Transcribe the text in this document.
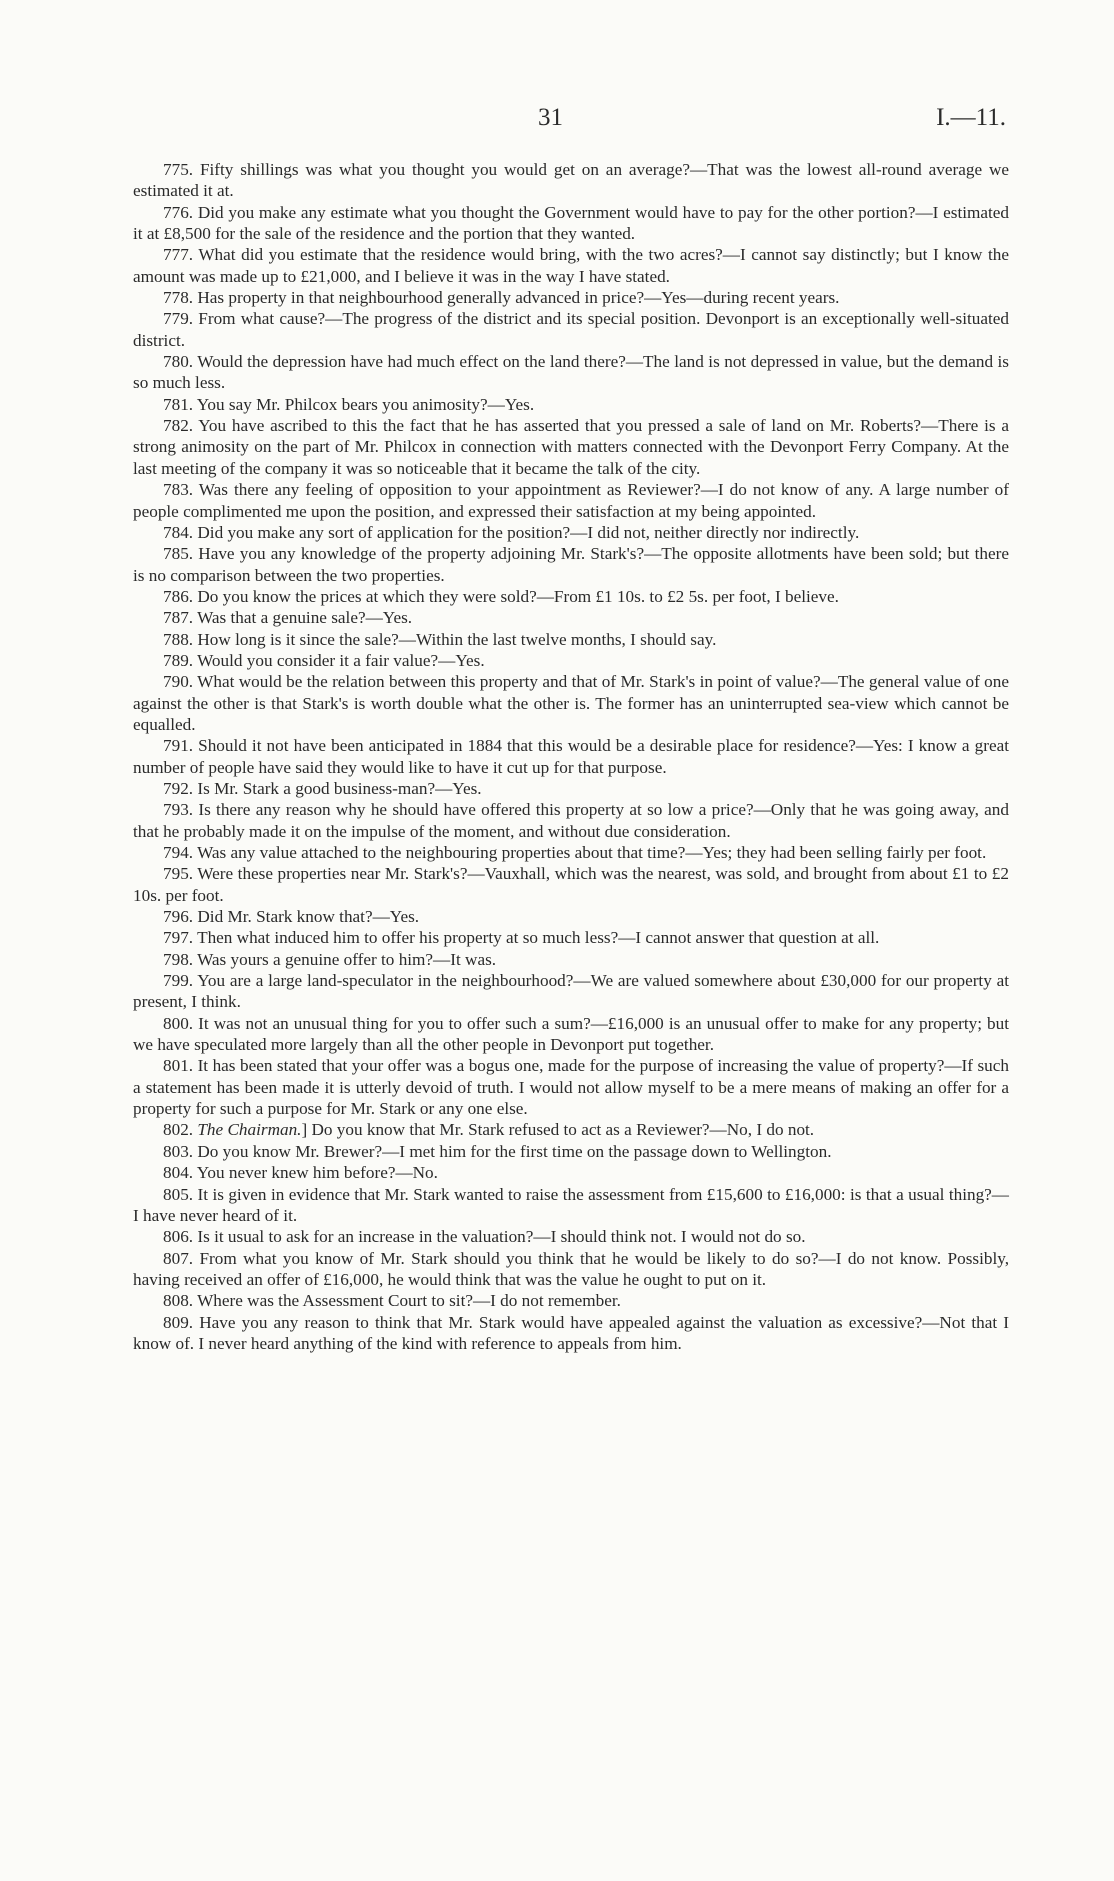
31	I.—11.

775. Fifty shillings was what you thought you would get on an average?—That was the lowest all-round average we estimated it at.

776. Did you make any estimate what you thought the Government would have to pay for the other portion?—I estimated it at £8,500 for the sale of the residence and the portion that they wanted.

777. What did you estimate that the residence would bring, with the two acres?—I cannot say distinctly; but I know the amount was made up to £21,000, and I believe it was in the way I have stated.

778. Has property in that neighbourhood generally advanced in price?—Yes—during recent years.

779. From what cause?—The progress of the district and its special position. Devonport is an exceptionally well-situated district.

780. Would the depression have had much effect on the land there?—The land is not depressed in value, but the demand is so much less.

781. You say Mr. Philcox bears you animosity?—Yes.

782. You have ascribed to this the fact that he has asserted that you pressed a sale of land on Mr. Roberts?—There is a strong animosity on the part of Mr. Philcox in connection with matters connected with the Devonport Ferry Company. At the last meeting of the company it was so noticeable that it became the talk of the city.

783. Was there any feeling of opposition to your appointment as Reviewer?—I do not know of any. A large number of people complimented me upon the position, and expressed their satisfaction at my being appointed.

784. Did you make any sort of application for the position?—I did not, neither directly nor indirectly.

785. Have you any knowledge of the property adjoining Mr. Stark's?—The opposite allotments have been sold; but there is no comparison between the two properties.

786. Do you know the prices at which they were sold?—From £1 10s. to £2 5s. per foot, I believe.

787. Was that a genuine sale?—Yes.

788. How long is it since the sale?—Within the last twelve months, I should say.

789. Would you consider it a fair value?—Yes.

790. What would be the relation between this property and that of Mr. Stark's in point of value?—The general value of one against the other is that Stark's is worth double what the other is. The former has an uninterrupted sea-view which cannot be equalled.

791. Should it not have been anticipated in 1884 that this would be a desirable place for residence?—Yes: I know a great number of people have said they would like to have it cut up for that purpose.

792. Is Mr. Stark a good business-man?—Yes.

793. Is there any reason why he should have offered this property at so low a price?—Only that he was going away, and that he probably made it on the impulse of the moment, and without due consideration.

794. Was any value attached to the neighbouring properties about that time?—Yes; they had been selling fairly per foot.

795. Were these properties near Mr. Stark's?—Vauxhall, which was the nearest, was sold, and brought from about £1 to £2 10s. per foot.

796. Did Mr. Stark know that?—Yes.

797. Then what induced him to offer his property at so much less?—I cannot answer that question at all.

798. Was yours a genuine offer to him?—It was.

799. You are a large land-speculator in the neighbourhood?—We are valued somewhere about £30,000 for our property at present, I think.

800. It was not an unusual thing for you to offer such a sum?—£16,000 is an unusual offer to make for any property; but we have speculated more largely than all the other people in Devonport put together.

801. It has been stated that your offer was a bogus one, made for the purpose of increasing the value of property?—If such a statement has been made it is utterly devoid of truth. I would not allow myself to be a mere means of making an offer for a property for such a purpose for Mr. Stark or any one else.

802. The Chairman.] Do you know that Mr. Stark refused to act as a Reviewer?—No, I do not.

803. Do you know Mr. Brewer?—I met him for the first time on the passage down to Wellington.

804. You never knew him before?—No.

805. It is given in evidence that Mr. Stark wanted to raise the assessment from £15,600 to £16,000: is that a usual thing?—I have never heard of it.

806. Is it usual to ask for an increase in the valuation?—I should think not. I would not do so.

807. From what you know of Mr. Stark should you think that he would be likely to do so?—I do not know. Possibly, having received an offer of £16,000, he would think that was the value he ought to put on it.

808. Where was the Assessment Court to sit?—I do not remember.

809. Have you any reason to think that Mr. Stark would have appealed against the valuation as excessive?—Not that I know of. I never heard anything of the kind with reference to appeals from him.
